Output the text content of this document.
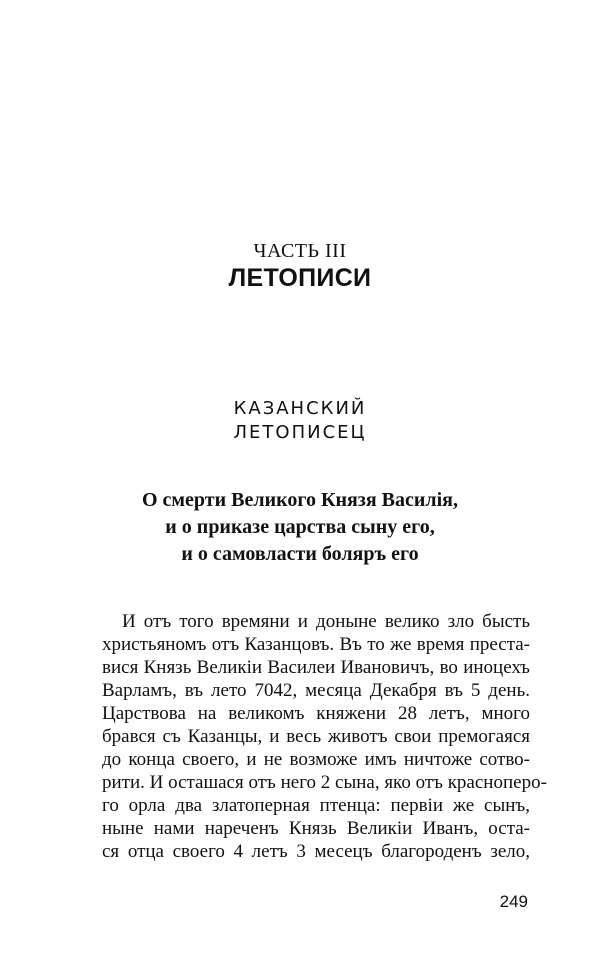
ЧАСТЬ III
ЛЕТОПИСИ
КАЗАНСКИЙ
ЛЕТОПИСЕЦ
О смерти Великого Князя Василія,
и о приказе царства сыну его,
и о самовласти боляръ его
И отъ того времяни и доныне велико зло бысть
христьяномъ отъ Казанцовъ. Въ то же время преста-
вися Князь Великіи Василеи Ивановичъ, во иноцехъ
Варламъ, въ лето 7042, месяца Декабря въ 5 день.
Царствова на великомъ княжени 28 летъ, много
брався съ Казанцы, и весь животъ свои премогаяся
до конца своего, и не возможе имъ ничтоже сотво-
рити. И осташася отъ него 2 сына, яко отъ красноперо-
го орла два златоперная птенца: первіи же сынъ,
ныне нами нареченъ Князь Великіи Иванъ, оста-
ся отца своего 4 летъ 3 месецъ благороденъ зело,
249
